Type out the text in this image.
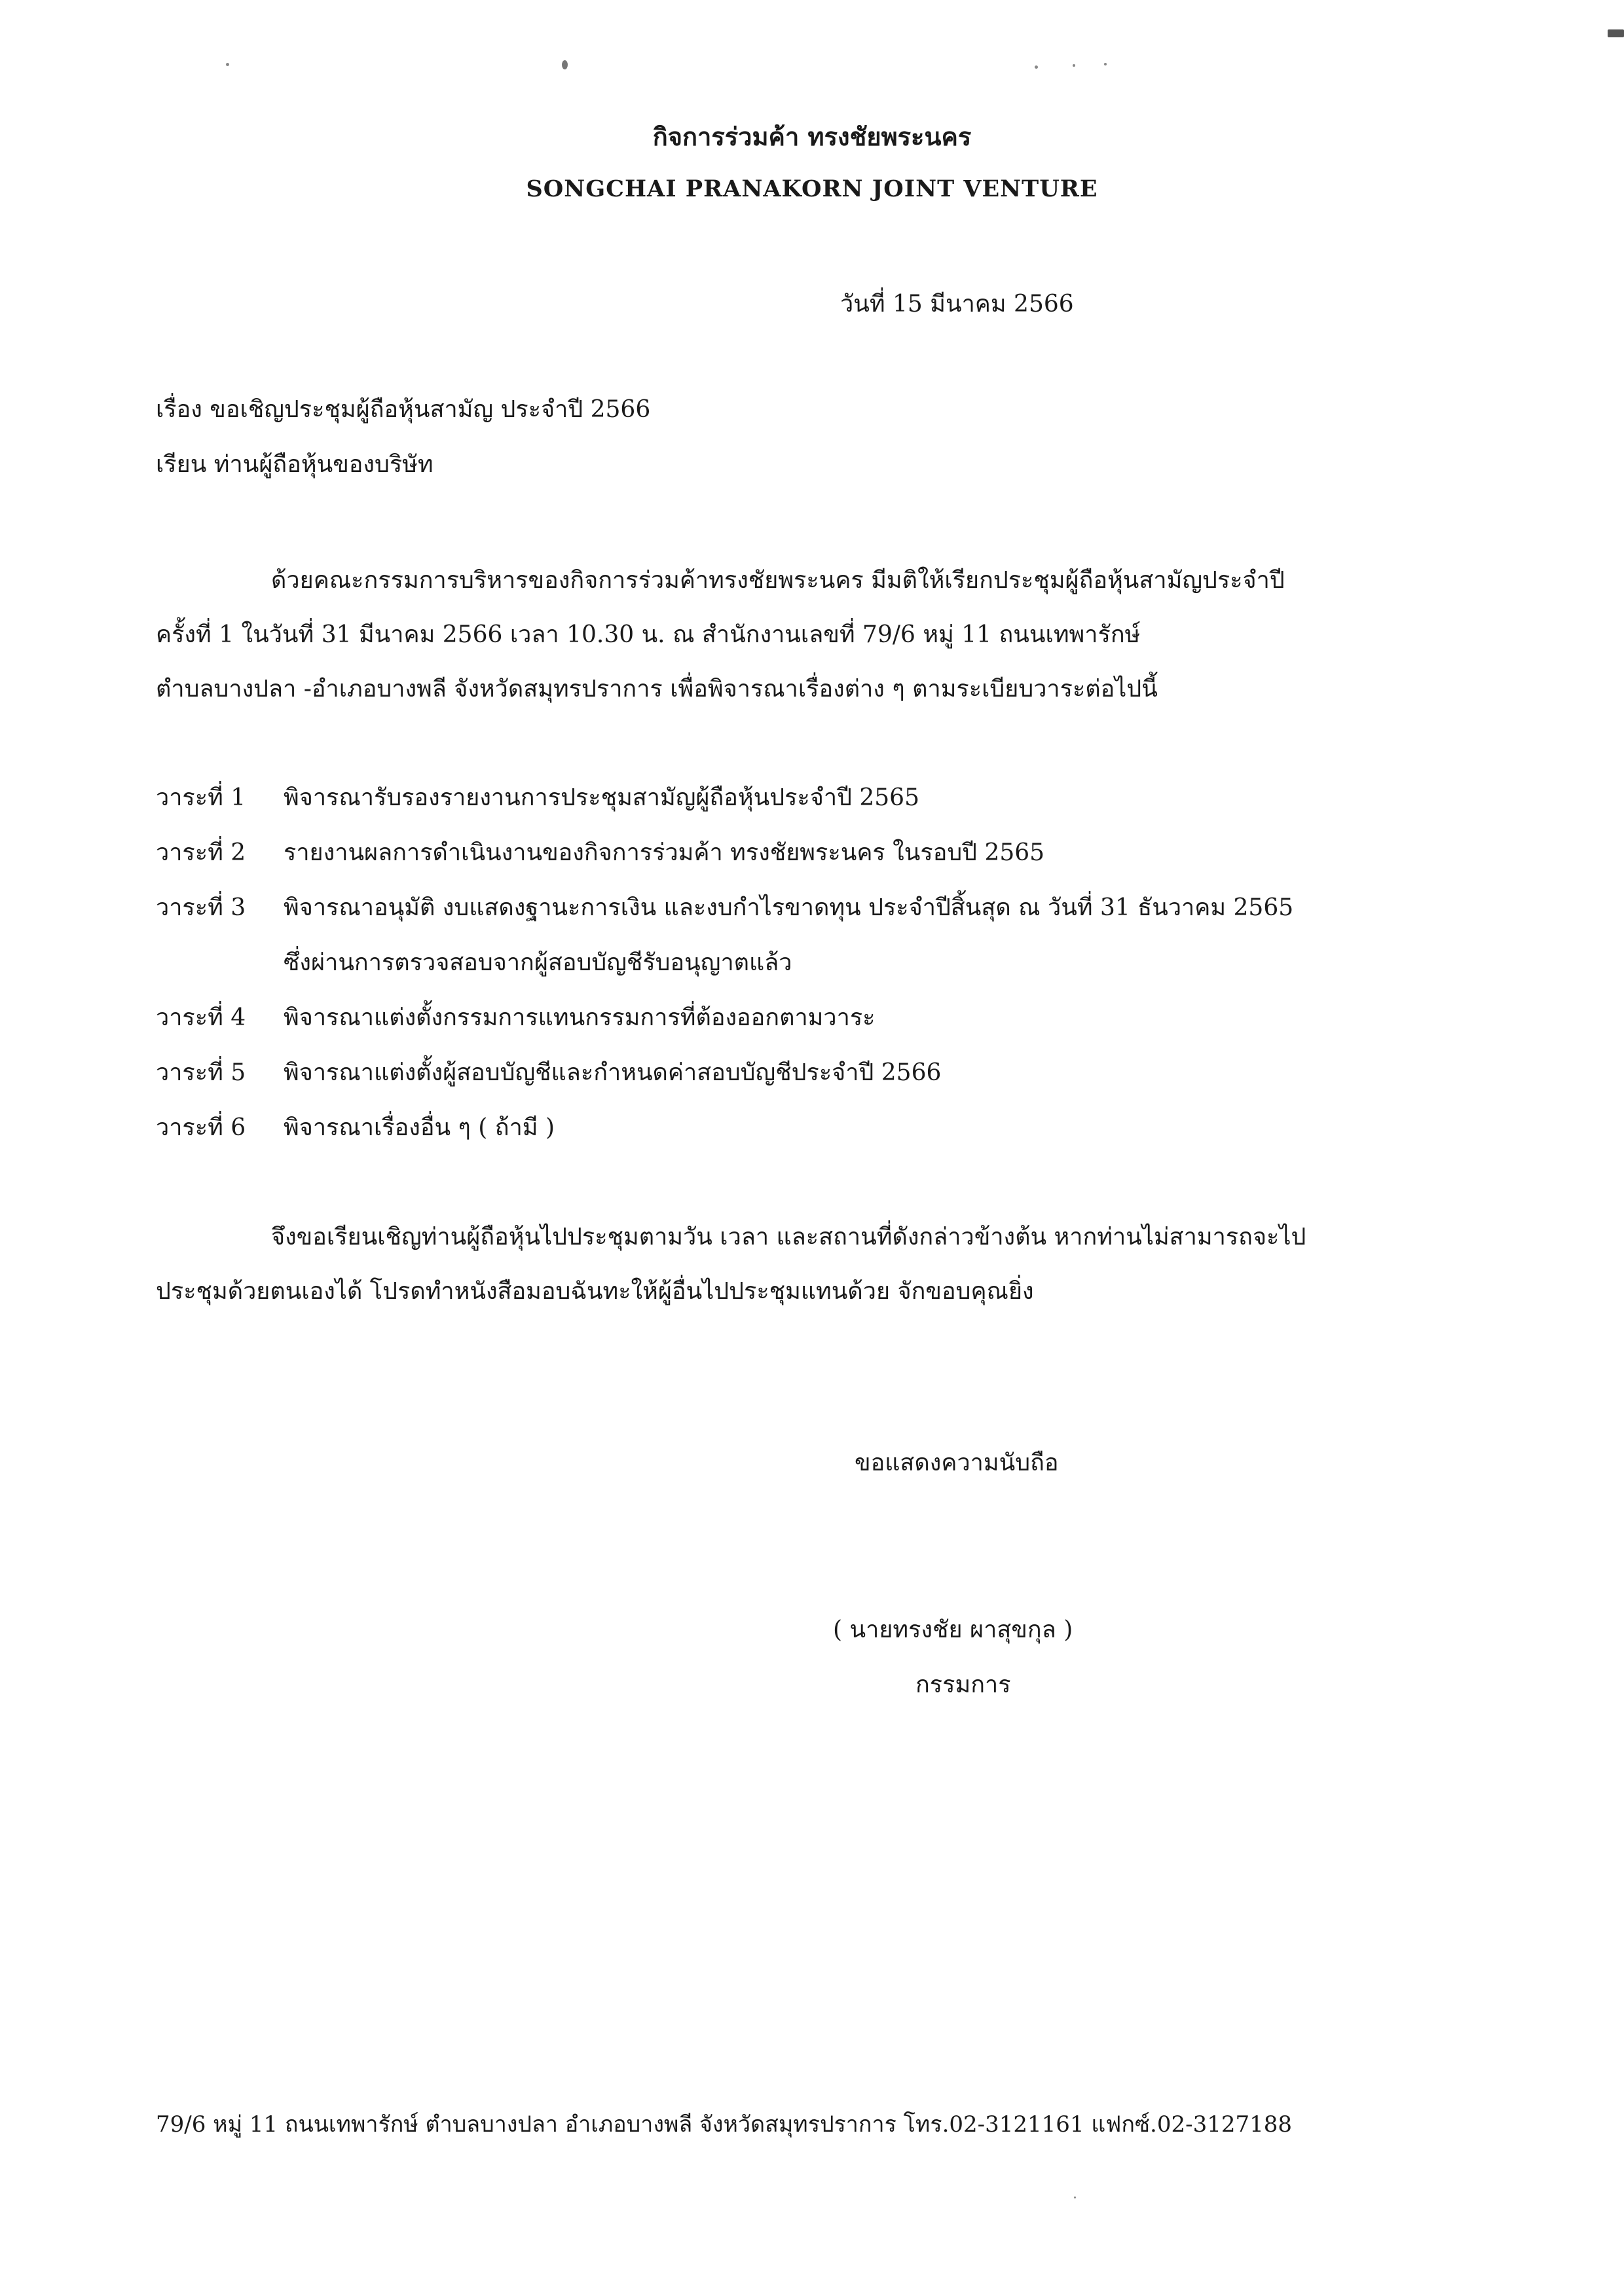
กิจการร่วมค้า ทรงชัยพระนคร
SONGCHAI PRANAKORN JOINT VENTURE
วันที่ 15 มีนาคม 2566
เรื่อง ขอเชิญประชุมผู้ถือหุ้นสามัญ ประจำปี 2566
เรียน ท่านผู้ถือหุ้นของบริษัท
ด้วยคณะกรรมการบริหารของกิจการร่วมค้าทรงชัยพระนคร มีมติให้เรียกประชุมผู้ถือหุ้นสามัญประจำปี
ครั้งที่ 1 ในวันที่ 31 มีนาคม 2566 เวลา 10.30 น. ณ สำนักงานเลขที่ 79/6 หมู่ 11 ถนนเทพารักษ์
ตำบลบางปลา -อำเภอบางพลี จังหวัดสมุทรปราการ เพื่อพิจารณาเรื่องต่าง ๆ ตามระเบียบวาระต่อไปนี้
วาระที่ 1	พิจารณารับรองรายงานการประชุมสามัญผู้ถือหุ้นประจำปี 2565
วาระที่ 2	รายงานผลการดำเนินงานของกิจการร่วมค้า ทรงชัยพระนคร ในรอบปี 2565
วาระที่ 3	พิจารณาอนุมัติ งบแสดงฐานะการเงิน และงบกำไรขาดทุน ประจำปีสิ้นสุด ณ วันที่ 31 ธันวาคม 2565
ซึ่งผ่านการตรวจสอบจากผู้สอบบัญชีรับอนุญาตแล้ว
วาระที่ 4	พิจารณาแต่งตั้งกรรมการแทนกรรมการที่ต้องออกตามวาระ
วาระที่ 5	พิจารณาแต่งตั้งผู้สอบบัญชีและกำหนดค่าสอบบัญชีประจำปี 2566
วาระที่ 6	พิจารณาเรื่องอื่น ๆ ( ถ้ามี )
จึงขอเรียนเชิญท่านผู้ถือหุ้นไปประชุมตามวัน เวลา และสถานที่ดังกล่าวข้างต้น หากท่านไม่สามารถจะไป
ประชุมด้วยตนเองได้ โปรดทำหนังสือมอบฉันทะให้ผู้อื่นไปประชุมแทนด้วย จักขอบคุณยิ่ง
ขอแสดงความนับถือ
( นายทรงชัย ผาสุขกุล )
กรรมการ
79/6 หมู่ 11 ถนนเทพารักษ์ ตำบลบางปลา อำเภอบางพลี จังหวัดสมุทรปราการ โทร.02-3121161 แฟกซ์.02-3127188
